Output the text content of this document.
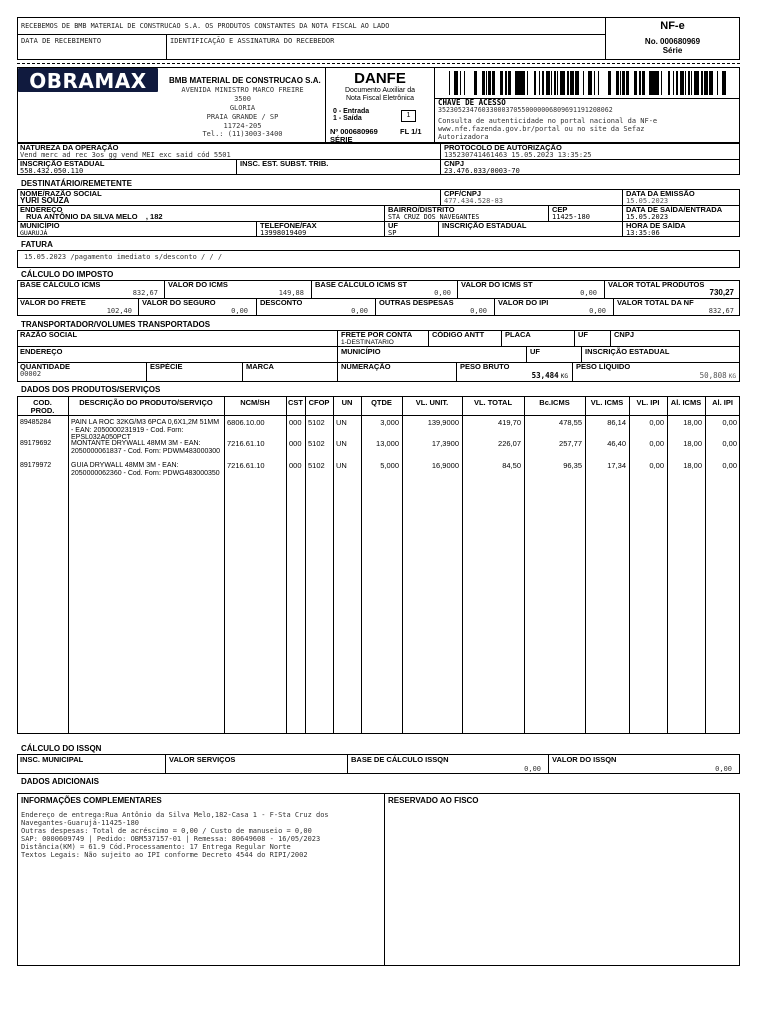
RECEBEMOS DE BMB MATERIAL DE CONSTRUCAO S.A. OS PRODUTOS CONSTANTES DA NOTA FISCAL AO LADO
DATA DE RECEBIMENTO	IDENTIFICAÇÃO E ASSINATURA DO RECEBEDOR
NF-e
No. 000680969
Série
OBRAMAX	BMB MATERIAL DE CONSTRUCAO S.A.
AVENIDA MINISTRO MARCO FREIRE
3500
GLORIA
PRAIA GRANDE / SP
11724-205
Tel.: (11)3003-3400
DANFE
Documento Auxiliar da
Nota Fiscal Eletrônica
0 - Entrada
1 - Saída	1
Nº 000680969	FL 1/1
SÉRIE
CHAVE DE ACESSO
3523052347603300037055000000680969119120806​2
Consulta de autenticidade no portal nacional da NF-e
www.nfe.fazenda.gov.br/portal ou no site da Sefaz
Autorizadora
NATUREZA DA OPERAÇÃO
Vend merc ad rec 3os gg vend MEI exc said cód 5501
PROTOCOLO DE AUTORIZAÇÃO
135230741461463 15.05.2023 13:35:25
INSCRIÇÃO ESTADUAL
558.432.050.110
INSC. EST. SUBST. TRIB.	CNPJ
23.476.033/0003-70
DESTINATÁRIO/REMETENTE
NOME/RAZÃO SOCIAL
YURI SOUZA
CPF/CNPJ
477.434.528-83
DATA DA EMISSÃO
15.05.2023
ENDEREÇO
RUA ANTÔNIO DA SILVA MELO    , 182
BAIRRO/DISTRITO
STA CRUZ DOS NAVEGANTES
CEP
11425-180
DATA DE SAÍDA/ENTRADA
15.05.2023
MUNICÍPIO
GUARUJÁ
TELEFONE/FAX
13998019409
UF
SP
INSCRIÇÃO ESTADUAL	HORA DE SAÍDA
13:35:06
FATURA
15.05.2023 /pagamento imediato s/desconto / / /
CÁLCULO DO IMPOSTO
BASE CÁLCULO ICMS
832,67
VALOR DO ICMS
149,88
BASE CÁLCULO ICMS ST
0,00
VALOR DO ICMS ST
0,00
VALOR TOTAL PRODUTOS
730,27
VALOR DO FRETE
102,40
VALOR DO SEGURO
0,00
DESCONTO
0,00
OUTRAS DESPESAS
0,00
VALOR DO IPI
0,00
VALOR TOTAL DA NF
832,67
TRANSPORTADOR/VOLUMES TRANSPORTADOS
RAZÃO SOCIAL	FRETE POR CONTA
1-DESTINATARIO
CÓDIGO ANTT	PLACA	UF	CNPJ
ENDEREÇO	MUNICÍPIO	UF	INSCRIÇÃO ESTADUAL
QUANTIDADE
00002
ESPÉCIE	MARCA	NUMERAÇÃO	PESO BRUTO
53,484 KG
PESO LÍQUIDO
50,808 KG
DADOS DOS PRODUTOS/SERVIÇOS
COD. PROD.
DESCRIÇÃO DO PRODUTO/SERVIÇO	NCM/SH	CST CFOP	UN	QTDE	VL. UNIT.	VL. TOTAL	Bc.ICMS	VL. ICMS	VL. IPI	Al. ICMS	Al. IPI
89485284	PAIN LA ROC 32KG/M3 6PCA 0,6X1,2M 51MM - EAN: 2050000231919 - Cod. Forn: EPSL032A050PCT
6806.10.00	000 5102	UN	3,000	139,9000	419,70	478,55	86,14	0,00	18,00	0,00
89179692	MONTANTE DRYWALL 48MM 3M - EAN: 2050000061837 - Cod. Forn: PDWM483000300
7216.61.10	000 5102	UN	13,000	17,3900	226,07	257,77	46,40	0,00	18,00	0,00
89179972	GUIA DRYWALL 48MM 3M - EAN: 2050000062360 - Cod. Forn: PDWG483000350
7216.61.10	000 5102	UN	5,000	16,9000	84,50	96,35	17,34	0,00	18,00	0,00
CÁLCULO DO ISSQN
INSC. MUNICIPAL	VALOR SERVIÇOS	BASE DE CÁLCULO ISSQN
0,00
VALOR DO ISSQN
0,00
DADOS ADICIONAIS
INFORMAÇÕES COMPLEMENTARES	RESERVADO AO FISCO
Endereço de entrega:Rua Antônio da Silva Melo,182-Casa 1 - F-Sta Cruz dos
Navegantes-Guarujá-11425-180
Outras despesas: Total de acréscimo = 0,00 / Custo de manuseio = 0,00
SAP: 0000609749 | Pedido: OBM537157-01 | Remessa: 80649608 - 16/05/2023
Distância(KM) = 61.9 Cód.Processamento: 17 Entrega Regular Norte
Textos Legais: Não sujeito ao IPI conforme Decreto 4544 do RIPI/2002
